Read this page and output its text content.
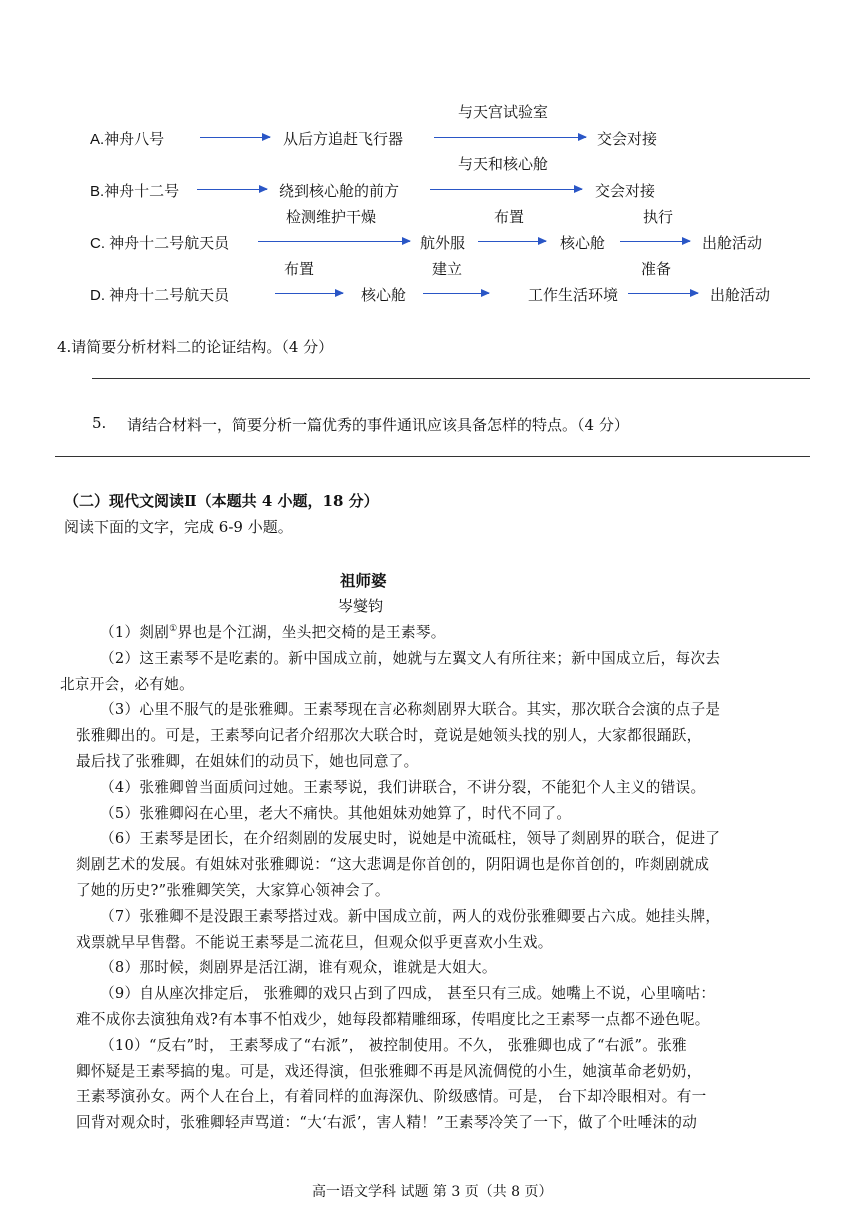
A.神舟八号	从后方追赶飞行器
与天宫试验室
交会对接
B.神舟十二号	绕到核心舱的前方
与天和核心舱
交会对接
C. 神舟十二号航天员
检测维护干燥
航外服
布置
核心舱
执行
出舱活动
D. 神舟十二号航天员
布置
核心舱
建立
工作生活环境
准备
出舱活动
4.请简要分析材料二的论证结构。（4 分）
5. 请结合材料一，简要分析一篇优秀的事件通讯应该具备怎样的特点。（4 分）
（二）现代文阅读Ⅱ（本题共 4 小题，18 分）
阅读下面的文字，完成 6-9 小题。
祖师婆
岑燮钧

（1）剡剧①界也是个江湖，坐头把交椅的是王素琴。

（2）这王素琴不是吃素的。新中国成立前，她就与左翼文人有所往来；新中国成立后，每次去

北京开会，必有她。

（3）心里不服气的是张雅卿。王素琴现在言必称剡剧界大联合。其实，那次联合会演的点子是

张雅卿出的。可是，王素琴向记者介绍那次大联合时，竟说是她领头找的别人，大家都很踊跃，

最后找了张雅卿，在姐妹们的动员下，她也同意了。

（4）张雅卿曾当面质问过她。王素琴说，我们讲联合，不讲分裂，不能犯个人主义的错误。

（5）张雅卿闷在心里，老大不痛快。其他姐妹劝她算了，时代不同了。

（6）王素琴是团长，在介绍剡剧的发展史时，说她是中流砥柱，领导了剡剧界的联合，促进了

剡剧艺术的发展。有姐妹对张雅卿说：“这大悲调是你首创的，阴阳调也是你首创的，咋剡剧就成

了她的历史?”张雅卿笑笑，大家算心领神会了。

（7）张雅卿不是没跟王素琴搭过戏。新中国成立前，两人的戏份张雅卿要占六成。她挂头牌，

戏票就早早售罄。不能说王素琴是二流花旦，但观众似乎更喜欢小生戏。

（8）那时候，剡剧界是活江湖，谁有观众，谁就是大姐大。

（9）自从座次排定后， 张雅卿的戏只占到了四成， 甚至只有三成。她嘴上不说，心里嘀咕：

难不成你去演独角戏?有本事不怕戏少，她每段都精雕细琢，传唱度比之王素琴一点都不逊色呢。

（10）“反右”时， 王素琴成了“右派”， 被控制使用。不久， 张雅卿也成了“右派”。张雅

卿怀疑是王素琴搞的鬼。可是，戏还得演，但张雅卿不再是风流倜傥的小生，她演革命老奶奶，

王素琴演孙女。两个人在台上，有着同样的血海深仇、阶级感情。可是， 台下却冷眼相对。有一

回背对观众时，张雅卿轻声骂道：“大‘右派’，害人精！”王素琴冷笑了一下，做了个吐唾沫的动

高一语文学科 试题 第 3 页（共 8 页）
